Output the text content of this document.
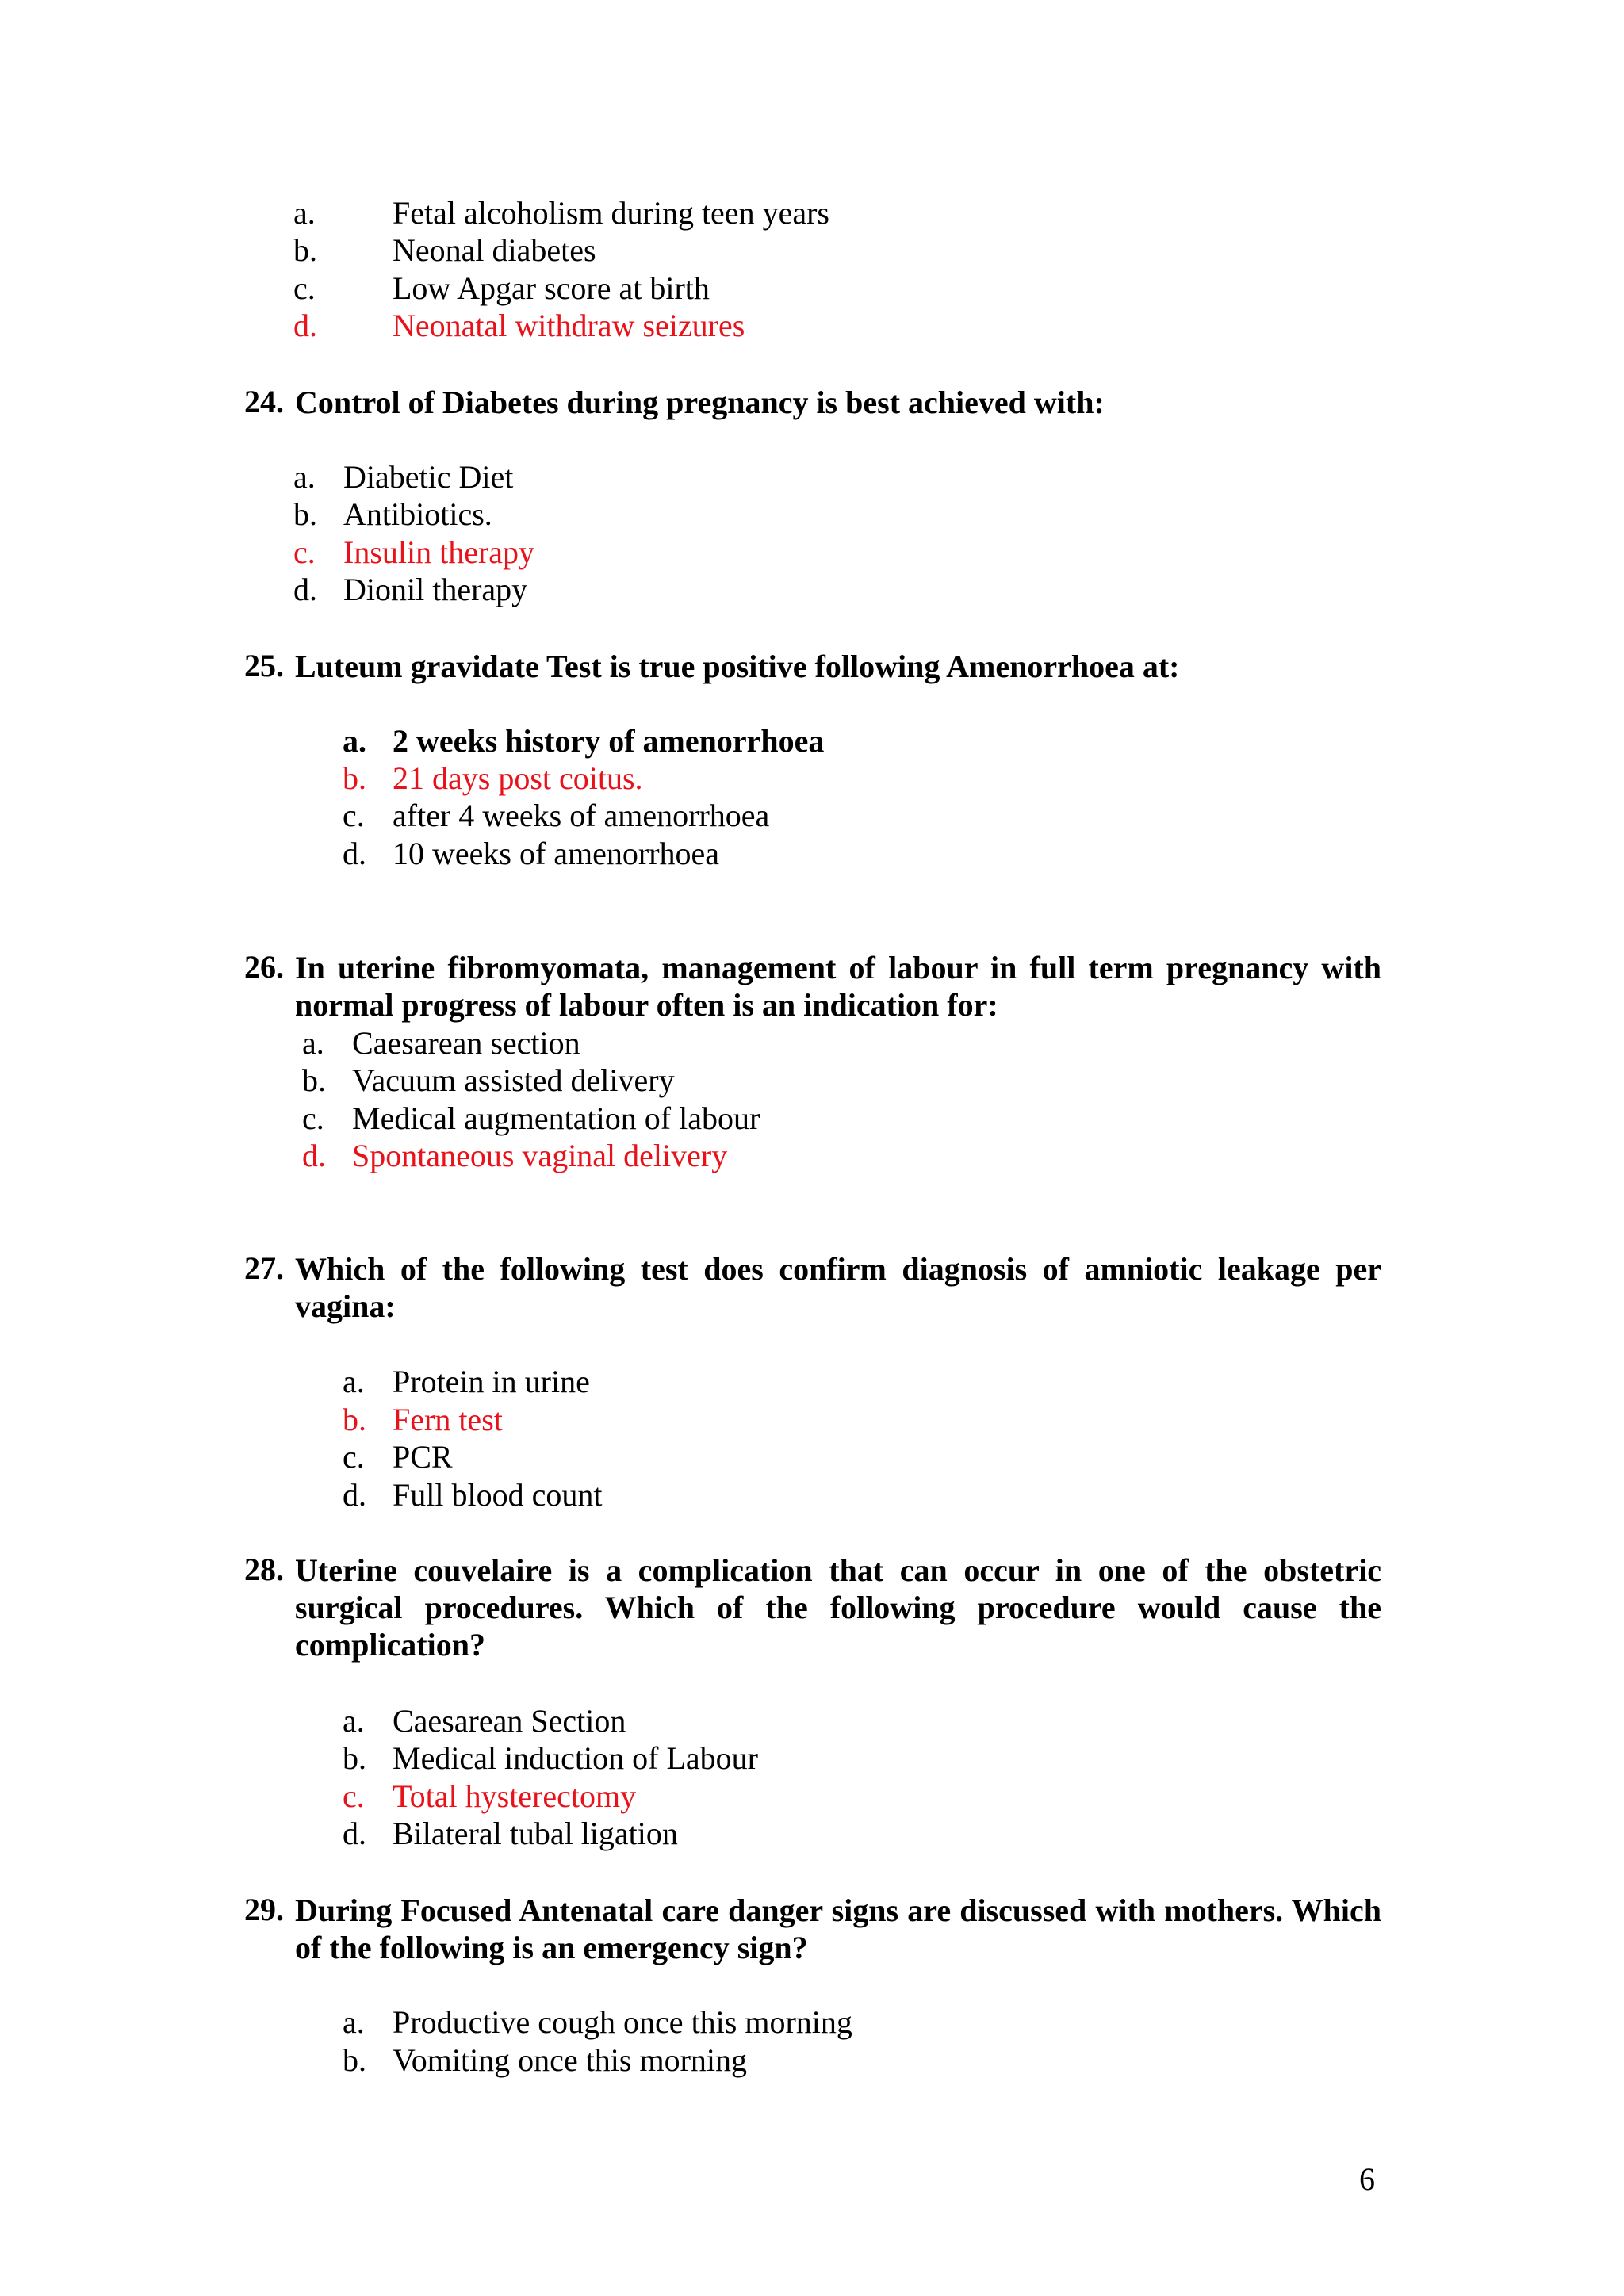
a. Fetal alcoholism during teen years
b. Neonal diabetes
c. Low Apgar score at birth
d. Neonatal withdraw seizures
24. Control of Diabetes during pregnancy is best achieved with:
a. Diabetic Diet
b. Antibiotics.
c. Insulin therapy
d. Dionil therapy
25. Luteum gravidate Test is true positive following Amenorrhoea at:
a. 2 weeks history of amenorrhoea
b. 21 days post coitus.
c. after 4 weeks of amenorrhoea
d. 10 weeks of amenorrhoea
26. In uterine fibromyomata, management of labour in full term pregnancy with normal progress of labour often is an indication for:
a. Caesarean section
b. Vacuum assisted delivery
c. Medical augmentation of labour
d. Spontaneous vaginal delivery
27. Which of the following test does confirm diagnosis of amniotic leakage per vagina:
a. Protein in urine
b. Fern test
c. PCR
d. Full blood count
28. Uterine couvelaire is a complication that can occur in one of the obstetric surgical procedures. Which of the following procedure would cause the complication?
a. Caesarean Section
b. Medical induction of Labour
c. Total hysterectomy
d. Bilateral tubal ligation
29. During Focused Antenatal care danger signs are discussed with mothers. Which of the following is an emergency sign?
a. Productive cough once this morning
b. Vomiting once this morning
6
